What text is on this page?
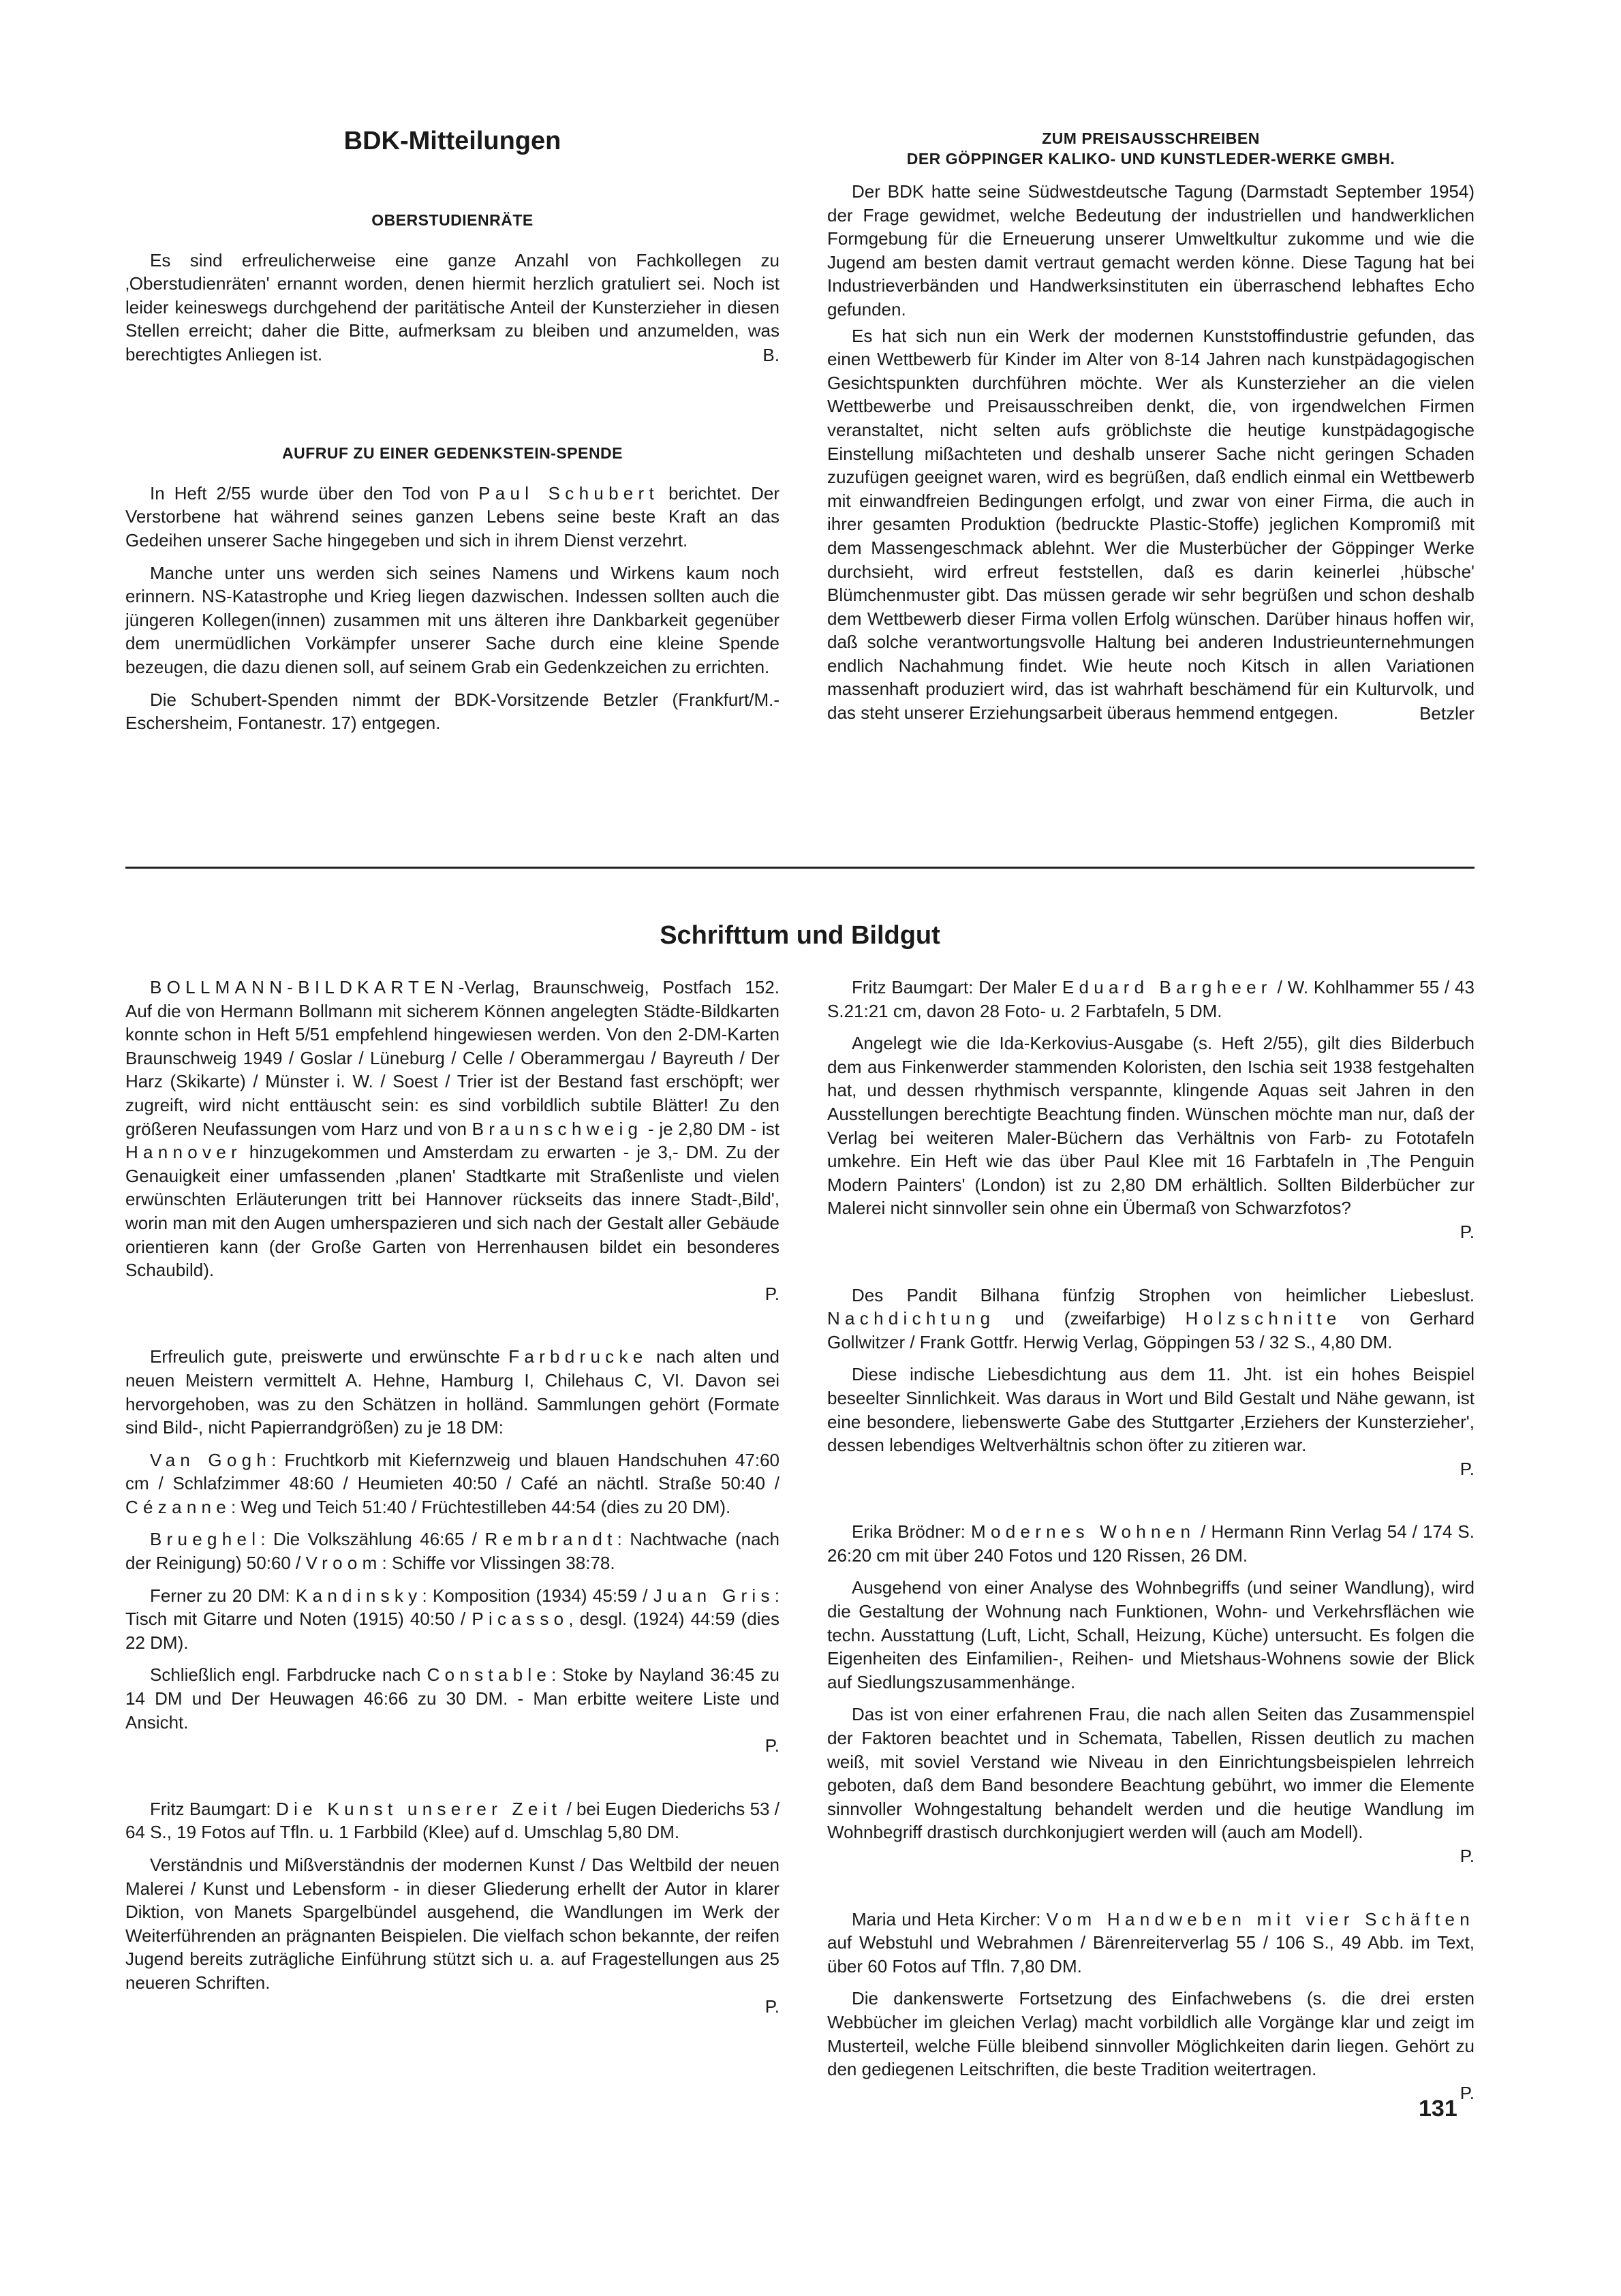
BDK-Mitteilungen
OBERSTUDIENRÄTE

Es sind erfreulicherweise eine ganze Anzahl von Fachkollegen zu ‚Oberstudienräten' ernannt worden, denen hiermit herzlich gratuliert sei. Noch ist leider keineswegs durchgehend der paritätische Anteil der Kunsterzieher in diesen Stellen erreicht; daher die Bitte, aufmerksam zu bleiben und anzumelden, was berechtigtes Anliegen ist.	B.
AUFRUF ZU EINER GEDENKSTEIN-SPENDE

In Heft 2/55 wurde über den Tod von Paul Schubert berichtet. Der Verstorbene hat während seines ganzen Lebens seine beste Kraft an das Gedeihen unserer Sache hingegeben und sich in ihrem Dienst verzehrt.

Manche unter uns werden sich seines Namens und Wirkens kaum noch erinnern. NS-Katastrophe und Krieg liegen dazwischen. Indessen sollten auch die jüngeren Kollegen(innen) zusammen mit uns älteren ihre Dankbarkeit gegenüber dem unermüdlichen Vorkämpfer unserer Sache durch eine kleine Spende bezeugen, die dazu dienen soll, auf seinem Grab ein Gedenkzeichen zu errichten.

Die Schubert-Spenden nimmt der BDK-Vorsitzende Betzler (Frankfurt/M.-Eschersheim, Fontanestr. 17) entgegen.

ZUM PREISAUSSCHREIBEN
DER GÖPPINGER KALIKO- UND KUNSTLEDER-WERKE GMBH.

Der BDK hatte seine Südwestdeutsche Tagung (Darmstadt September 1954) der Frage gewidmet, welche Bedeutung der industriellen und handwerklichen Formgebung für die Erneuerung unserer Umweltkultur zukomme und wie die Jugend am besten damit vertraut gemacht werden könne. Diese Tagung hat bei Industrieverbänden und Handwerksinstituten ein überraschend lebhaftes Echo gefunden.

Es hat sich nun ein Werk der modernen Kunststoffindustrie gefunden, das einen Wettbewerb für Kinder im Alter von 8-14 Jahren nach kunstpädagogischen Gesichtspunkten durchführen möchte. Wer als Kunsterzieher an die vielen Wettbewerbe und Preisausschreiben denkt, die, von irgendwelchen Firmen veranstaltet, nicht selten aufs gröblichste die heutige kunstpädagogische Einstellung mißachteten und deshalb unserer Sache nicht geringen Schaden zuzufügen geeignet waren, wird es begrüßen, daß endlich einmal ein Wettbewerb mit einwandfreien Bedingungen erfolgt, und zwar von einer Firma, die auch in ihrer gesamten Produktion (bedruckte Plastic-Stoffe) jeglichen Kompromiß mit dem Massengeschmack ablehnt. Wer die Musterbücher der Göppinger Werke durchsieht, wird erfreut feststellen, daß es darin keinerlei ‚hübsche' Blümchenmuster gibt. Das müssen gerade wir sehr begrüßen und schon deshalb dem Wettbewerb dieser Firma vollen Erfolg wünschen. Darüber hinaus hoffen wir, daß solche verantwortungsvolle Haltung bei anderen Industrieunternehmungen endlich Nachahmung findet. Wie heute noch Kitsch in allen Variationen massenhaft produziert wird, das ist wahrhaft beschämend für ein Kulturvolk, und das steht unserer Erziehungsarbeit überaus hemmend entgegen.	Betzler
Schrifttum und Bildgut

BOLLMANN-BILDKARTEN-Verlag, Braunschweig, Postfach 152. Auf die von Hermann Bollmann mit sicherem Können angelegten Städte-Bildkarten konnte schon in Heft 5/51 empfehlend hingewiesen werden. Von den 2-DM-Karten Braunschweig 1949 / Goslar / Lüneburg / Celle / Oberammergau / Bayreuth / Der Harz (Skikarte) / Münster i. W. / Soest / Trier ist der Bestand fast erschöpft; wer zugreift, wird nicht enttäuscht sein: es sind vorbildlich subtile Blätter! Zu den größeren Neufassungen vom Harz und von Braunschweig - je 2,80 DM - ist Hannover hinzugekommen und Amsterdam zu erwarten - je 3,- DM. Zu der Genauigkeit einer umfassenden ‚planen' Stadtkarte mit Straßenliste und vielen erwünschten Erläuterungen tritt bei Hannover rückseits das innere Stadt-‚Bild', worin man mit den Augen umherspazieren und sich nach der Gestalt aller Gebäude orientieren kann (der Große Garten von Herrenhausen bildet ein besonderes Schaubild).

P.

Erfreulich gute, preiswerte und erwünschte Farbdrucke nach alten und neuen Meistern vermittelt A. Hehne, Hamburg I, Chilehaus C, VI. Davon sei hervorgehoben, was zu den Schätzen in holländ. Sammlungen gehört (Formate sind Bild-, nicht Papierrandgrößen) zu je 18 DM:

Van Gogh: Fruchtkorb mit Kiefernzweig und blauen Handschuhen 47:60 cm / Schlafzimmer 48:60 / Heumieten 40:50 / Café an nächtl. Straße 50:40 / Cézanne: Weg und Teich 51:40 / Früchtestilleben 44:54 (dies zu 20 DM).

Brueghel: Die Volkszählung 46:65 / Rembrandt: Nachtwache (nach der Reinigung) 50:60 / Vroom: Schiffe vor Vlissingen 38:78.

Ferner zu 20 DM: Kandinsky: Komposition (1934) 45:59 / Juan Gris: Tisch mit Gitarre und Noten (1915) 40:50 / Picasso, desgl. (1924) 44:59 (dies 22 DM).

Schließlich engl. Farbdrucke nach Constable: Stoke by Nayland 36:45 zu 14 DM und Der Heuwagen 46:66 zu 30 DM. - Man erbitte weitere Liste und Ansicht.

P.

Fritz Baumgart: Die Kunst unserer Zeit / bei Eugen Diederichs 53 / 64 S., 19 Fotos auf Tfln. u. 1 Farbbild (Klee) auf d. Umschlag 5,80 DM.

Verständnis und Mißverständnis der modernen Kunst / Das Weltbild der neuen Malerei / Kunst und Lebensform - in dieser Gliederung erhellt der Autor in klarer Diktion, von Manets Spargelbündel ausgehend, die Wandlungen im Werk der Weiterführenden an prägnanten Beispielen. Die vielfach schon bekannte, der reifen Jugend bereits zuträgliche Einführung stützt sich u. a. auf Fragestellungen aus 25 neueren Schriften.

P.

Fritz Baumgart: Der Maler Eduard Bargheer / W. Kohlhammer 55 / 43 S.21:21 cm, davon 28 Foto- u. 2 Farbtafeln, 5 DM.

Angelegt wie die Ida-Kerkovius-Ausgabe (s. Heft 2/55), gilt dies Bilderbuch dem aus Finkenwerder stammenden Koloristen, den Ischia seit 1938 festgehalten hat, und dessen rhythmisch verspannte, klingende Aquas seit Jahren in den Ausstellungen berechtigte Beachtung finden. Wünschen möchte man nur, daß der Verlag bei weiteren Maler-Büchern das Verhältnis von Farb- zu Fototafeln umkehre. Ein Heft wie das über Paul Klee mit 16 Farbtafeln in ‚The Penguin Modern Painters' (London) ist zu 2,80 DM erhältlich. Sollten Bilderbücher zur Malerei nicht sinnvoller sein ohne ein Übermaß von Schwarzfotos?

P.

Des Pandit Bilhana fünfzig Strophen von heimlicher Liebeslust. Nachdichtung und (zweifarbige) Holzschnitte von Gerhard Gollwitzer / Frank Gottfr. Herwig Verlag, Göppingen 53 / 32 S., 4,80 DM.

Diese indische Liebesdichtung aus dem 11. Jht. ist ein hohes Beispiel beseelter Sinnlichkeit. Was daraus in Wort und Bild Gestalt und Nähe gewann, ist eine besondere, liebenswerte Gabe des Stuttgarter ‚Erziehers der Kunsterzieher', dessen lebendiges Weltverhältnis schon öfter zu zitieren war.

P.

Erika Brödner: Modernes Wohnen / Hermann Rinn Verlag 54 / 174 S. 26:20 cm mit über 240 Fotos und 120 Rissen, 26 DM.

Ausgehend von einer Analyse des Wohnbegriffs (und seiner Wandlung), wird die Gestaltung der Wohnung nach Funktionen, Wohn- und Verkehrsflächen wie techn. Ausstattung (Luft, Licht, Schall, Heizung, Küche) untersucht. Es folgen die Eigenheiten des Einfamilien-, Reihen- und Mietshaus-Wohnens sowie der Blick auf Siedlungszusammenhänge.

Das ist von einer erfahrenen Frau, die nach allen Seiten das Zusammenspiel der Faktoren beachtet und in Schemata, Tabellen, Rissen deutlich zu machen weiß, mit soviel Verstand wie Niveau in den Einrichtungsbeispielen lehrreich geboten, daß dem Band besondere Beachtung gebührt, wo immer die Elemente sinnvoller Wohngestaltung behandelt werden und die heutige Wandlung im Wohnbegriff drastisch durchkonjugiert werden will (auch am Modell).

P.

Maria und Heta Kircher: Vom Handweben mit vier Schäften auf Webstuhl und Webrahmen / Bärenreiterverlag 55 / 106 S., 49 Abb. im Text, über 60 Fotos auf Tfln. 7,80 DM.

Die dankenswerte Fortsetzung des Einfachwebens (s. die drei ersten Webbücher im gleichen Verlag) macht vorbildlich alle Vorgänge klar und zeigt im Musterteil, welche Fülle bleibend sinnvoller Möglichkeiten darin liegen. Gehört zu den gediegenen Leitschriften, die beste Tradition weitertragen.

P.
131
